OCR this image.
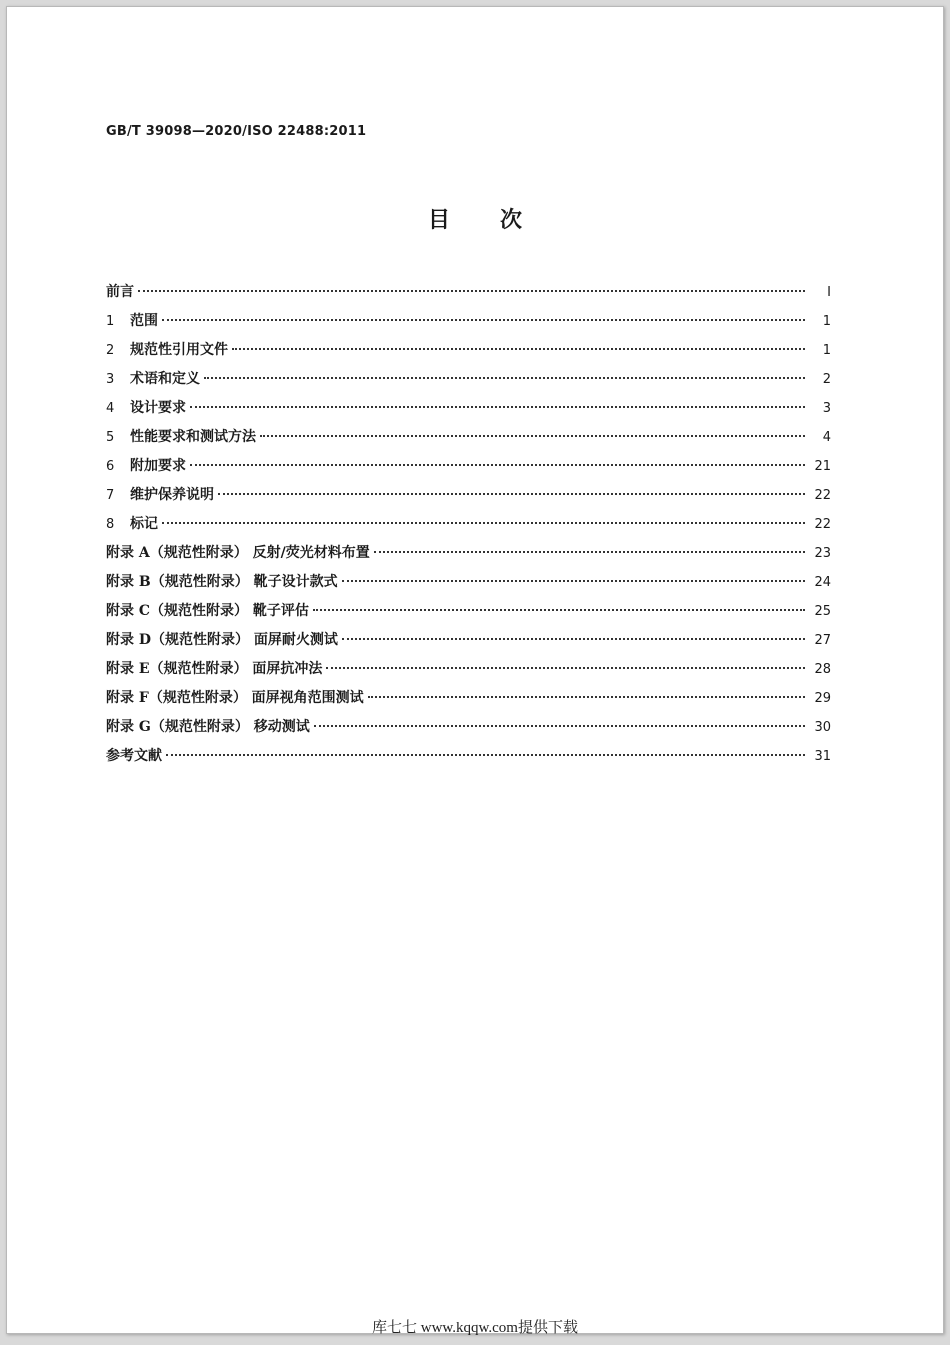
GB/T 39098—2020/ISO 22488:2011
目次
前言	I
1	范围	1
2	规范性引用文件	1
3	术语和定义	2
4	设计要求	3
5	性能要求和测试方法	4
6	附加要求	21
7	维护保养说明	22
8	标记	22
附录 A（规范性附录） 反射/荧光材料布置	23
附录 B（规范性附录） 靴子设计款式	24
附录 C（规范性附录） 靴子评估	25
附录 D（规范性附录） 面屏耐火测试	27
附录 E（规范性附录） 面屏抗冲法	28
附录 F（规范性附录） 面屏视角范围测试	29
附录 G（规范性附录） 移动测试	30
参考文献	31
库七七 www.kqqw.com提供下载
